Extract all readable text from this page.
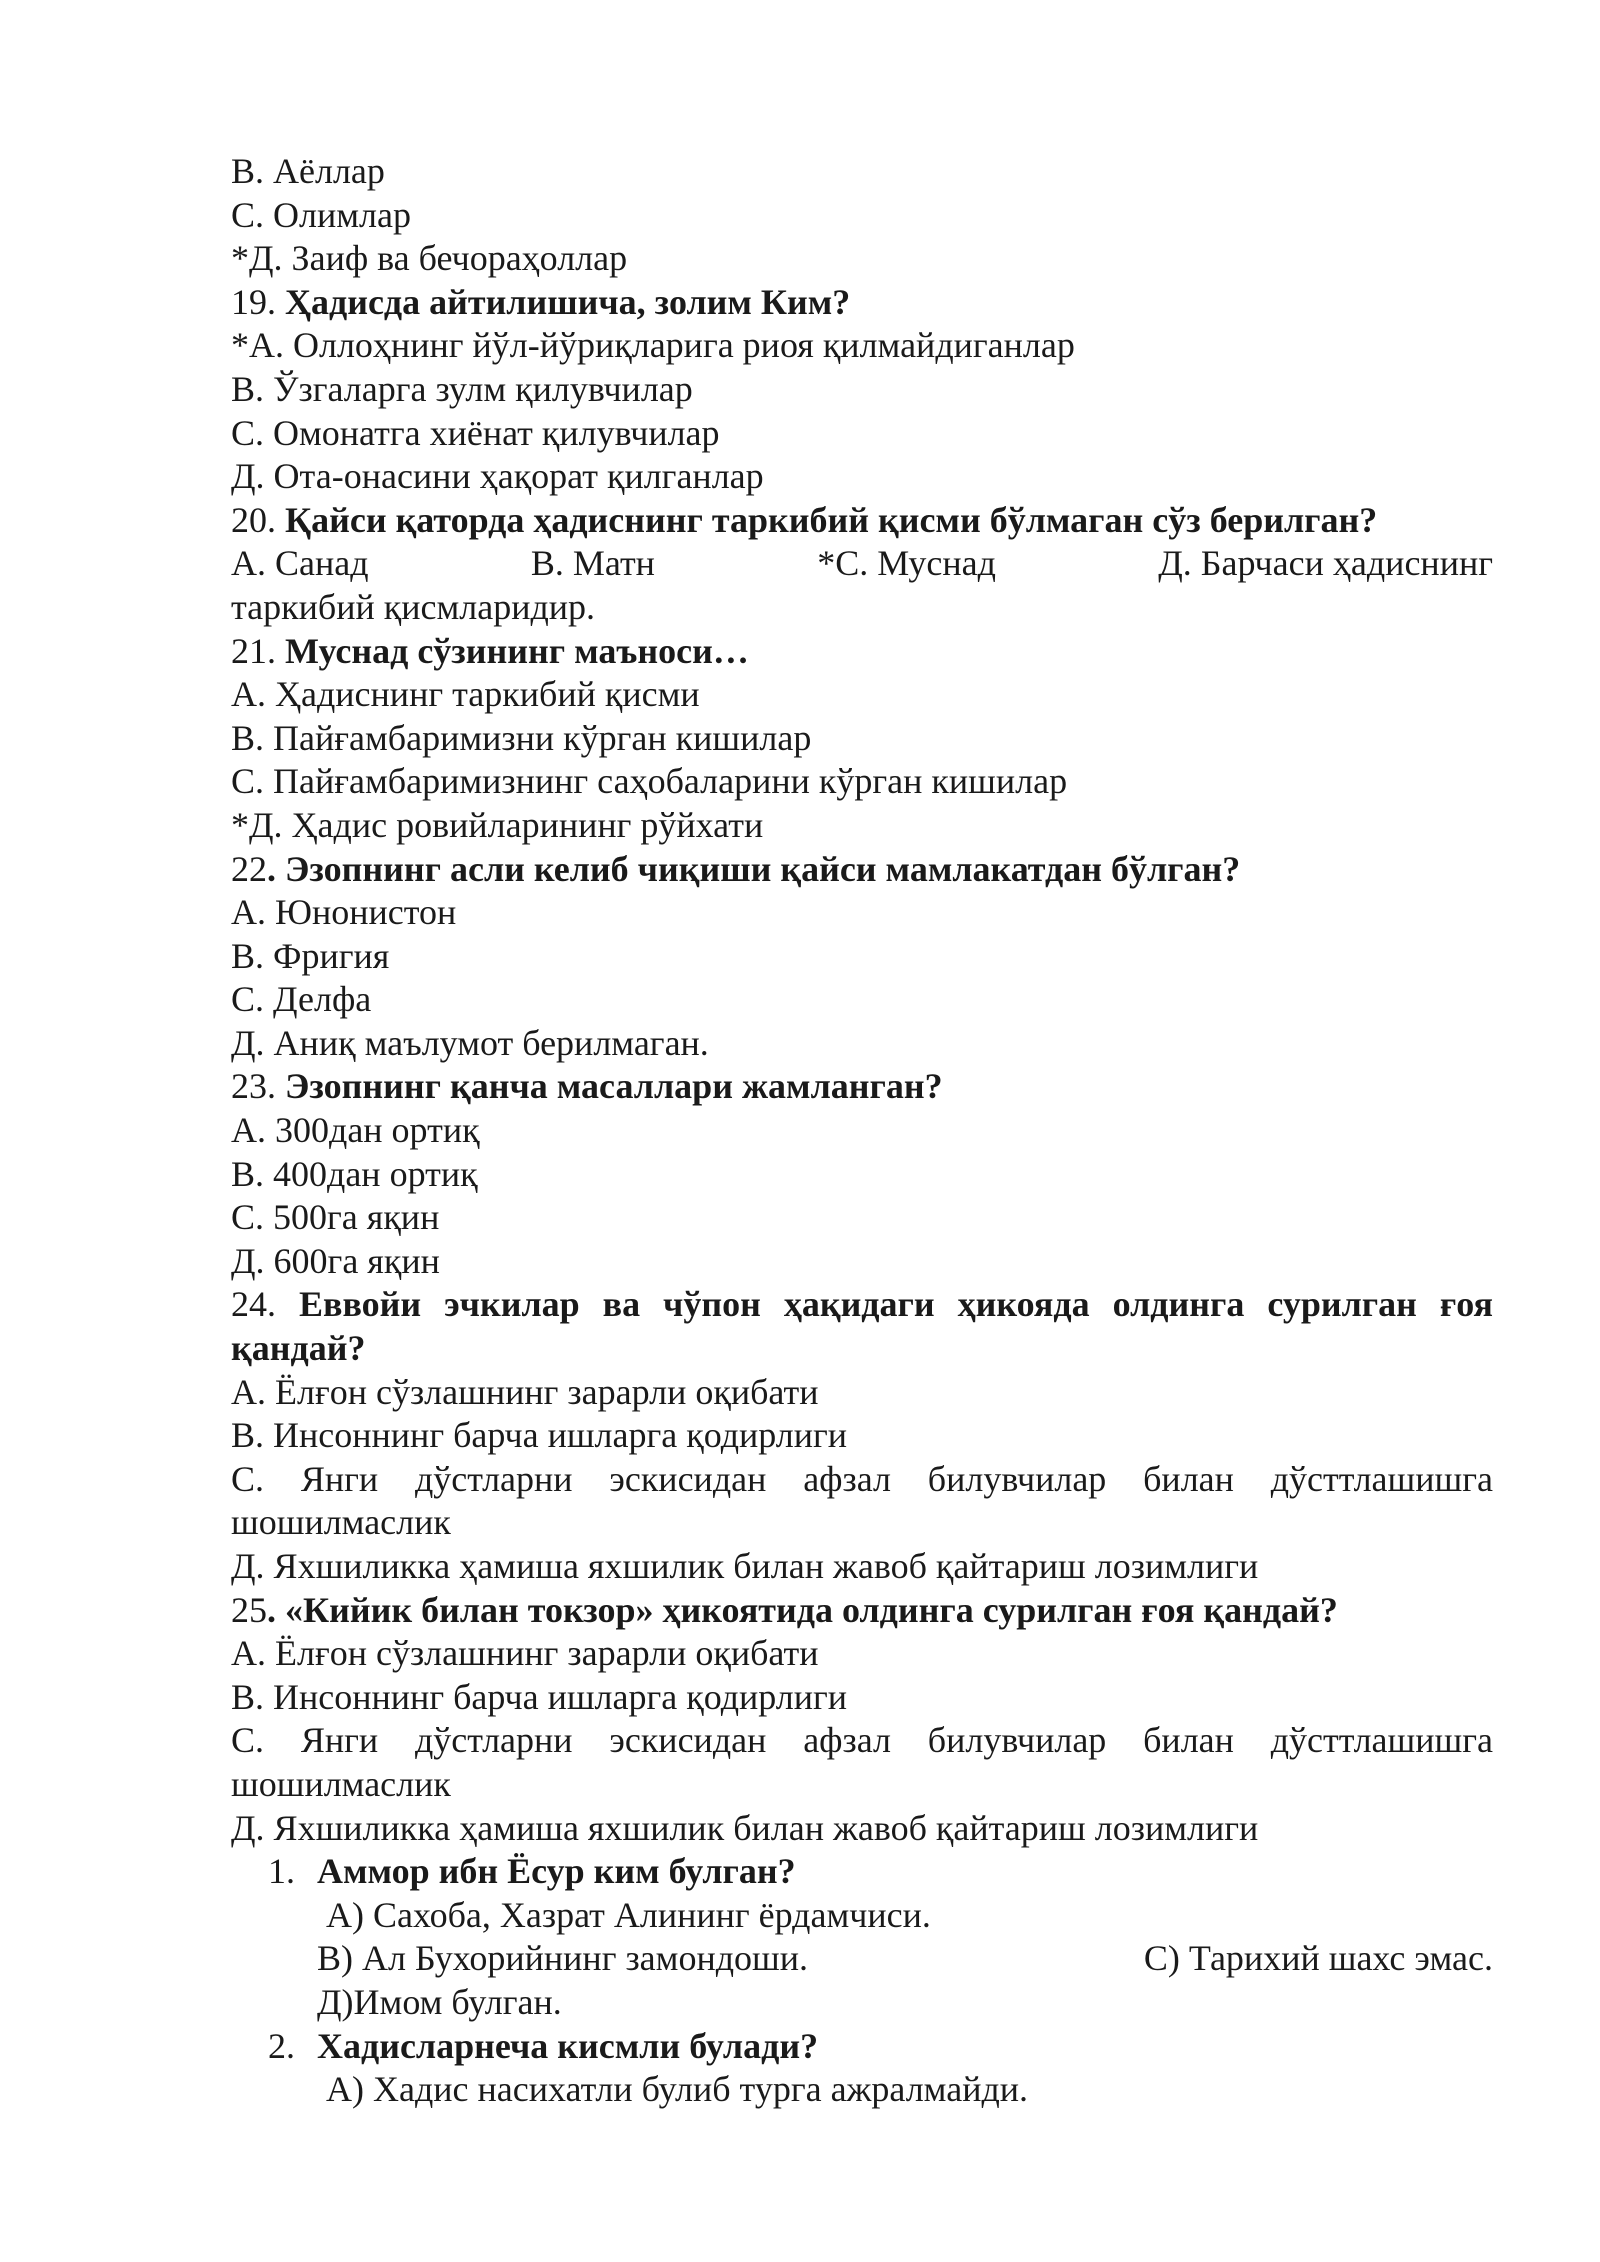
B. Аёллар
C. Олимлар
*Д. Заиф ва бечораҳоллар
19. Ҳадисда айтилишича, золим Ким?
*A. Оллоҳнинг йўл-йўриқларига риоя қилмайдиганлар
B. Ўзгаларга зулм қилувчилар
C. Омонатга хиёнат қилувчилар
Д. Ота-онасини ҳақорат қилганлар
20. Қайси қаторда ҳадиснинг таркибий қисми бўлмаган сўз берилган?
A. Санад	B. Матн	*C. Муснад	Д. Барчаси ҳадиснинг
таркибий қисмларидир.
21. Муснад сўзининг маъноси…
A. Ҳадиснинг таркибий қисми
B. Пайғамбаримизни кўрган кишилар
C. Пайғамбаримизнинг саҳобаларини кўрган кишилар
*Д. Ҳадис ровийларининг рўйхати
22. Эзопнинг асли келиб чиқиши қайси мамлакатдан бўлган?
A. Юнонистон
B. Фригия
C. Делфа
Д. Аниқ маълумот берилмаган.
23. Эзопнинг қанча масаллари жамланган?
A. 300дан ортиқ
B. 400дан ортиқ
C. 500га яқин
Д. 600га яқин
24. Еввойи эчкилар ва чўпон ҳақидаги ҳикояда олдинга сурилган ғоя қандай?
A. Ёлғон сўзлашнинг зарарли оқибати
B. Инсоннинг барча ишларга қодирлиги
C. Янги дўстларни эскисидан афзал билувчилар билан дўсттлашишга шошилмаслик
Д. Яхшиликка ҳамиша яхшилик билан жавоб қайтариш лозимлиги
25. «Кийик билан токзор» ҳикоятида олдинга сурилган ғоя қандай?
A. Ёлғон сўзлашнинг зарарли оқибати
B. Инсоннинг барча ишларга қодирлиги
C. Янги дўстларни эскисидан афзал билувчилар билан дўсттлашишга шошилмаслик
Д. Яхшиликка ҳамиша яхшилик билан жавоб қайтариш лозимлиги
1. Аммор ибн Ёсур ким булган?
A) Сахоба, Хазрат Алининг ёрдамчиси.
B) Ал Бухорийнинг замондоши.	C) Тарихий шахс эмас.
Д)Имом булган.
2. Хадисларнеча кисмли булади?
A) Хадис насихатли булиб турга ажралмайди.
